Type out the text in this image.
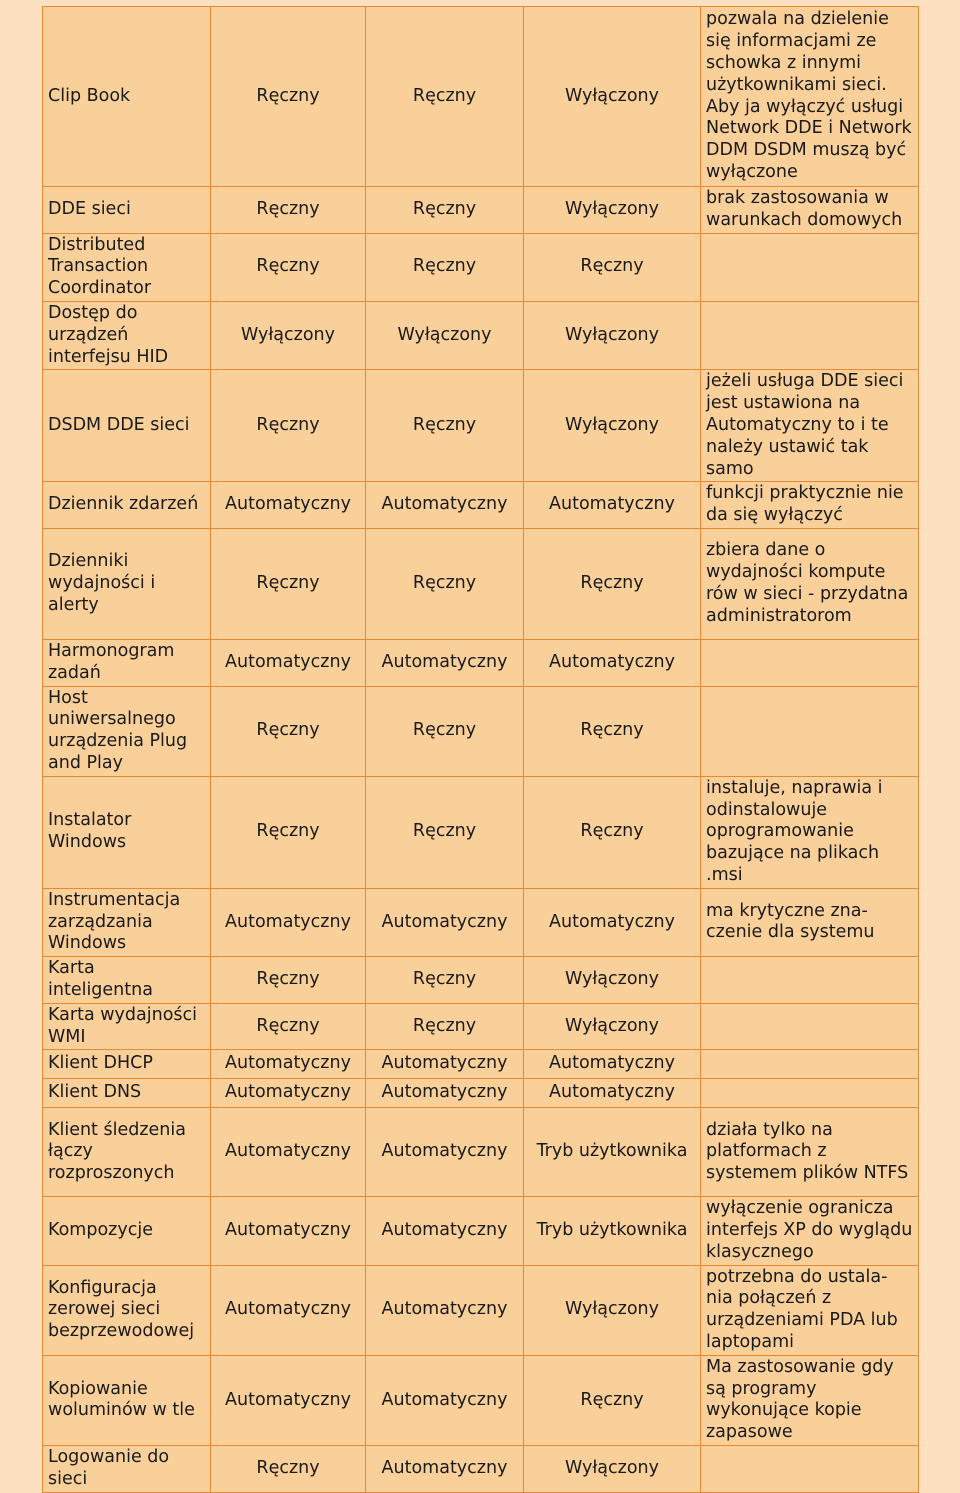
Clip Book	Ręczny	Ręczny	Wyłączony	pozwala na dzielenie się informacjami ze schowka z innymi użytkownikami sieci. Aby ja wyłączyć usługi Network DDE i Network DDM DSDM muszą być wyłączone
DDE sieci	Ręczny	Ręczny	Wyłączony	brak zastosowania w warunkach domowych
Distributed Transaction Coordinator	Ręczny	Ręczny	Ręczny	
Dostęp do urządzeń interfejsu HID	Wyłączony	Wyłączony	Wyłączony	
DSDM DDE sieci	Ręczny	Ręczny	Wyłączony	jeżeli usługa DDE sieci jest ustawiona na Automatyczny to i te należy ustawić tak samo
Dziennik zdarzeń	Automatyczny	Automatyczny	Automatyczny	funkcji praktycznie nie da się wyłączyć
Dzienniki wydajności i alerty	Ręczny	Ręczny	Ręczny	zbiera dane o wydajności kompute rów w sieci - przydatna administratorom
Harmonogram zadań	Automatyczny	Automatyczny	Automatyczny	
Host uniwersalnego urządzenia Plug and Play	Ręczny	Ręczny	Ręczny	
Instalator Windows	Ręczny	Ręczny	Ręczny	instaluje, naprawia i odinstalowuje oprogramowanie bazujące na plikach .msi
Instrumentacja zarządzania Windows	Automatyczny	Automatyczny	Automatyczny	ma krytyczne zna- czenie dla systemu
Karta inteligentna	Ręczny	Ręczny	Wyłączony	
Karta wydajności WMI	Ręczny	Ręczny	Wyłączony	
Klient DHCP	Automatyczny	Automatyczny	Automatyczny	
Klient DNS	Automatyczny	Automatyczny	Automatyczny	
Klient śledzenia łączy rozproszonych	Automatyczny	Automatyczny	Tryb użytkownika	działa tylko na platformach z systemem plików NTFS
Kompozycje	Automatyczny	Automatyczny	Tryb użytkownika	wyłączenie ogranicza interfejs XP do wyglądu klasycznego
Konfiguracja zerowej sieci bezprzewodowej	Automatyczny	Automatyczny	Wyłączony	potrzebna do ustala- nia połączeń z urządzeniami PDA lub laptopami
Kopiowanie woluminów w tle	Automatyczny	Automatyczny	Ręczny	Ma zastosowanie gdy są programy wykonujące kopie zapasowe
Logowanie do sieci	Ręczny	Automatyczny	Wyłączony	
